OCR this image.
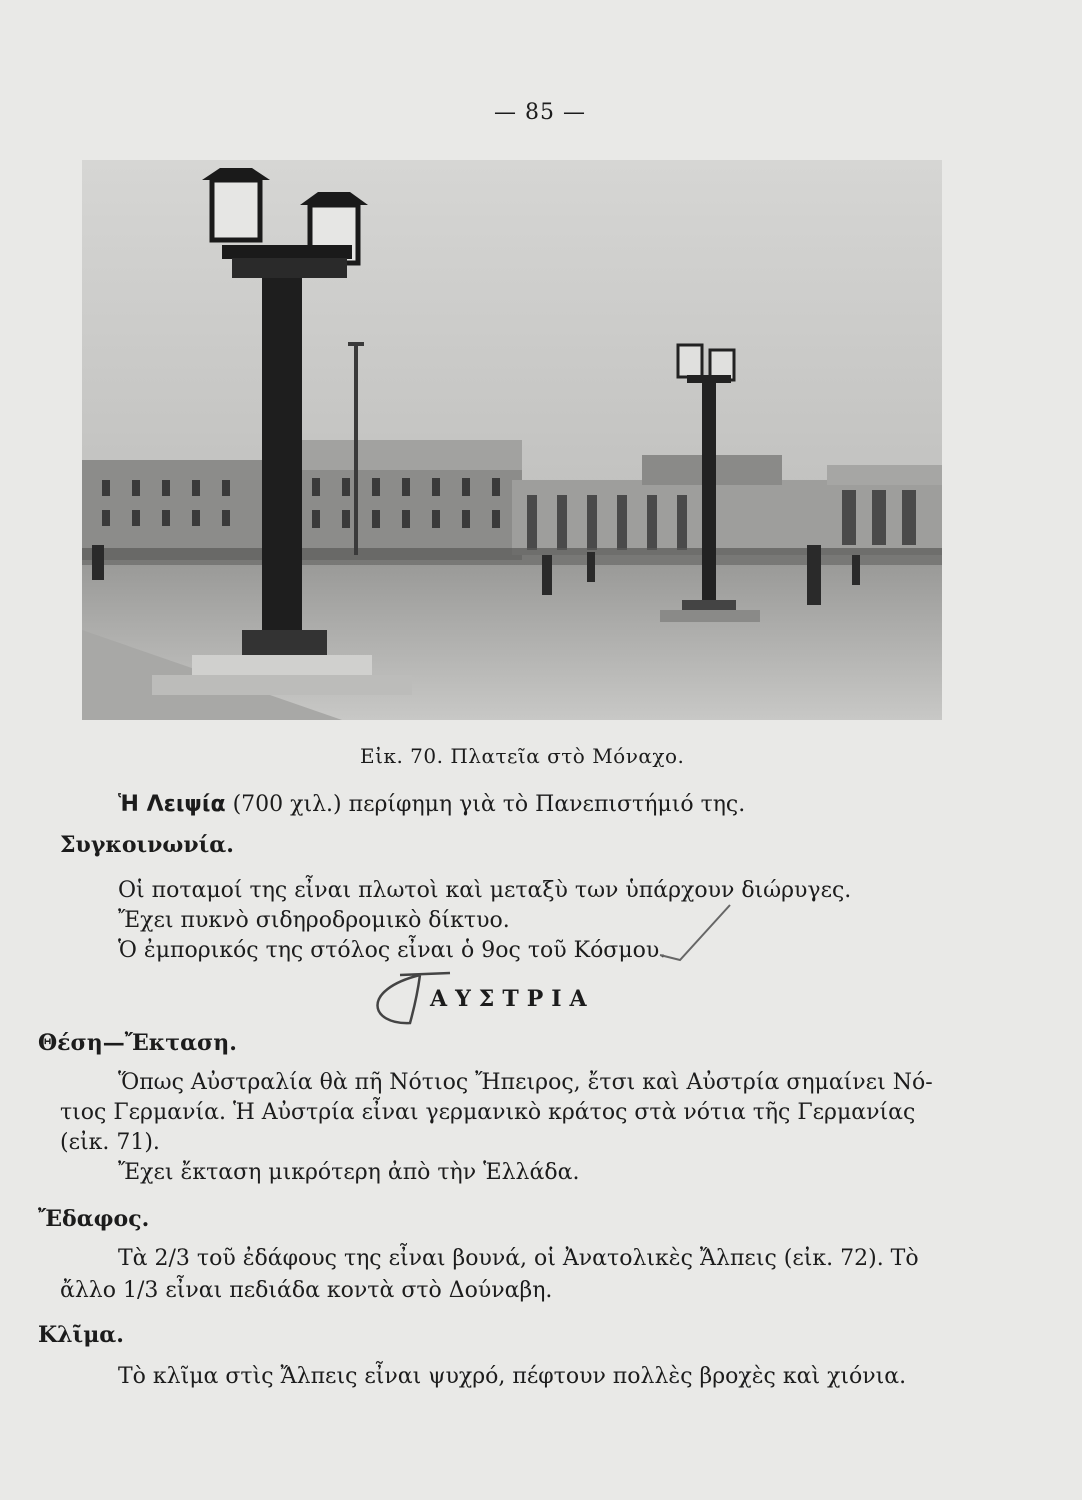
— 85 —
Εἰκ. 70. Πλατεῖα στὸ Μόναχο.
Ἡ Λειψία (700 χιλ.) περίφημη γιὰ τὸ Πανεπιστήμιό της.
Συγκοινωνία.
Οἱ ποταμοί της εἶναι πλωτοὶ καὶ μεταξὺ των ὑπάρχουν διώρυγες.
Ἔχει πυκνὸ σιδηροδρομικὸ δίκτυο.
Ὁ ἐμπορικός της στόλος εἶναι ὁ 9ος τοῦ Κόσμου.
ΑΥΣΤΡΙΑ
Θέση—Ἔκταση.
Ὅπως Αὐστραλία θὰ πῆ Νότιος Ἤπειρος, ἔτσι καὶ Αὐστρία σημαίνει Νό-
τιος Γερμανία. Ἡ Αὐστρία εἶναι γερμανικὸ κράτος στὰ νότια τῆς Γερμανίας
(εἰκ. 71).
Ἔχει ἔκταση μικρότερη ἀπὸ τὴν Ἑλλάδα.
Ἔδαφος.
Τὰ 2/3 τοῦ ἐδάφους της εἶναι βουνά, οἱ Ἀνατολικὲς Ἄλπεις (εἰκ. 72). Τὸ
ἄλλο 1/3 εἶναι πεδιάδα κοντὰ στὸ Δούναβη.
Κλῖμα.
Τὸ κλῖμα στὶς Ἄλπεις εἶναι ψυχρό, πέφτουν πολλὲς βροχὲς καὶ χιόνια.
